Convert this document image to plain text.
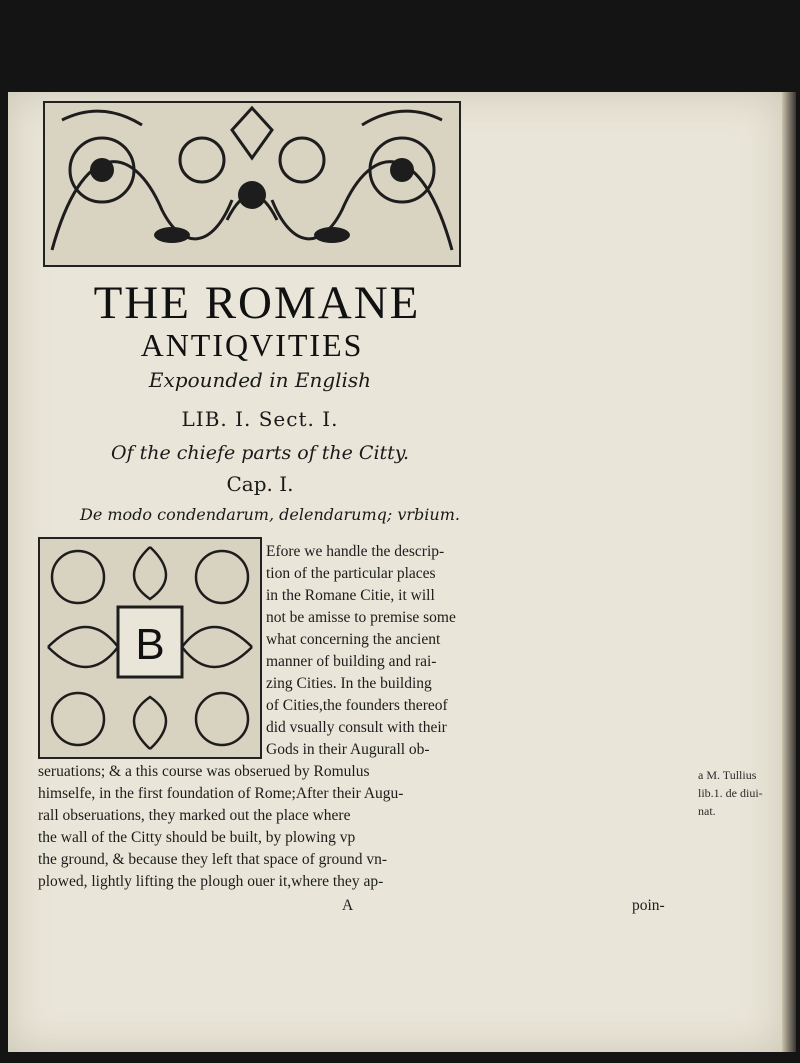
THE ROMANE
ANTIQVITIES
Expounded in English
LIB. I. Sect. I.
Of the chiefe parts of the Citty.
Cap. I.
De modo condendarum, delendarumq; vrbium.
B
Efore we handle the descrip-
tion of the particular places
in the Romane Citie, it will
not be amisse to premise some
what concerning the ancient
manner of building and rai-
zing Cities. In the building
of Cities,the founders thereof
did vsually consult with their
Gods in their Augurall ob-
seruations; & a this course was obserued by Romulus
himselfe, in the first foundation of Rome;After their Augu-
rall obseruations, they marked out the place where
the wall of the Citty should be built, by plowing vp
the ground, & because they left that space of ground vn-
plowed, lightly lifting the plough ouer it,where they ap-
a M. Tullius
lib.1. de diui-
nat.
A	poin-
